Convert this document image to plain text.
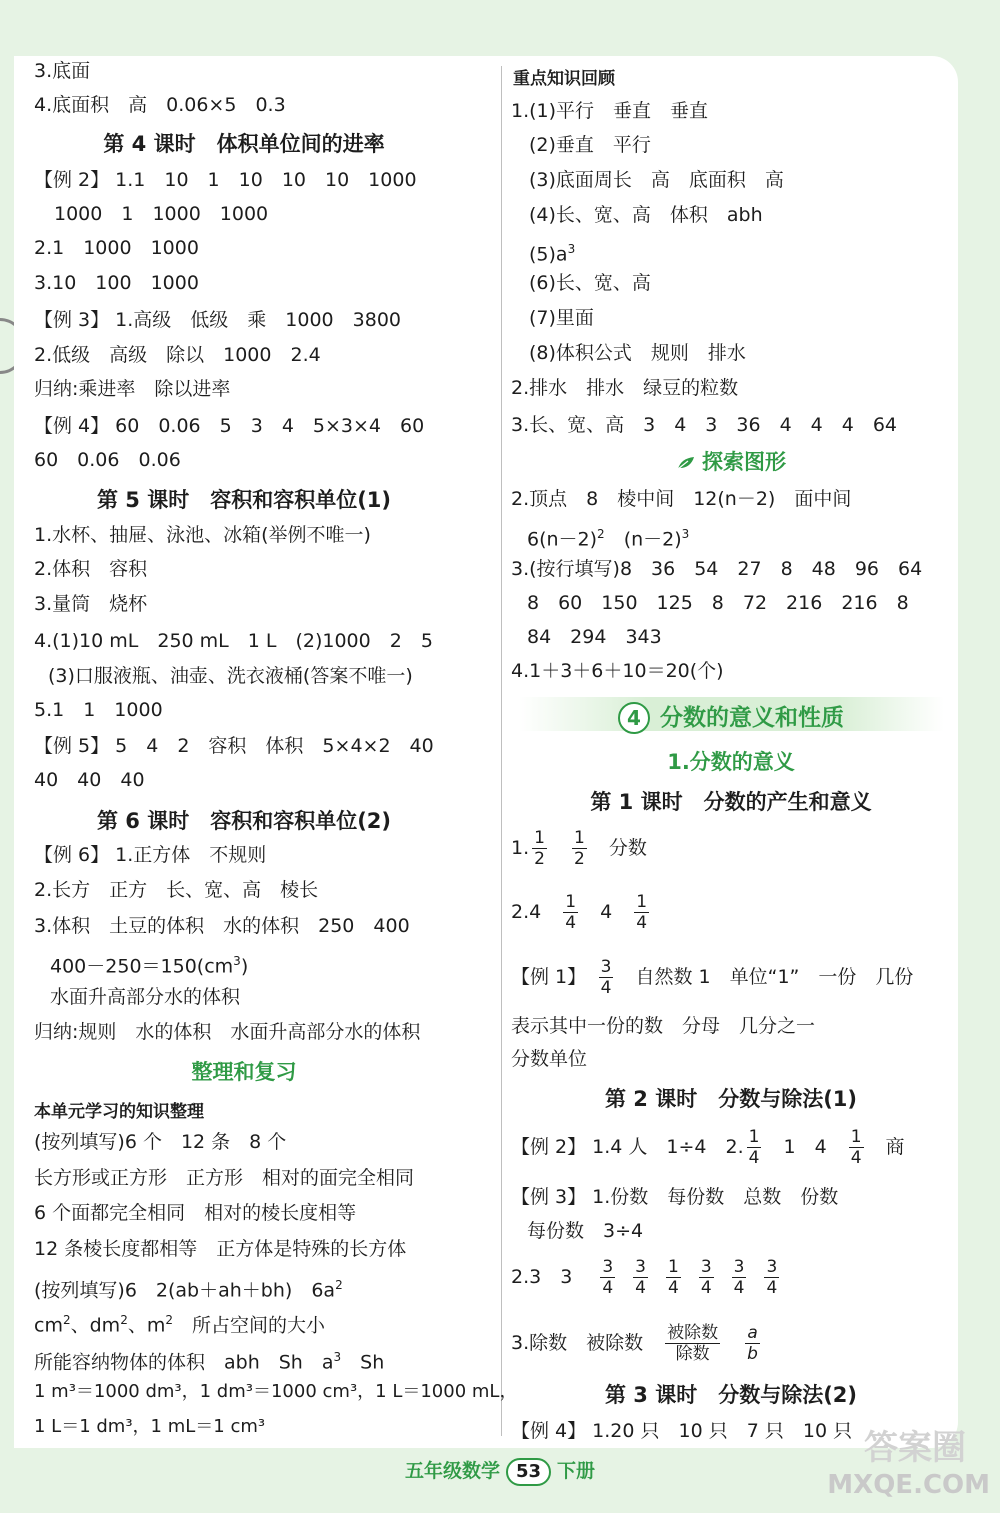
3.底面
4.底面积　高　0.06×5　0.3
第 4 课时　体积单位间的进率
【例 2】 1.1　10　1　10　10　10　1000
1000　1　1000　1000
2.1　1000　1000
3.10　100　1000
【例 3】 1.高级　低级　乘　1000　3800
2.低级　高级　除以　1000　2.4
归纳:乘进率　除以进率
【例 4】 60　0.06　5　3　4　5×3×4　60
60　0.06　0.06
第 5 课时　容积和容积单位(1)
1.水杯、抽屉、泳池、冰箱(举例不唯一)
2.体积　容积
3.量筒　烧杯
4.(1)10 mL　250 mL　1 L　(2)1000　2　5
(3)口服液瓶、油壶、洗衣液桶(答案不唯一)
5.1　1　1000
【例 5】 5　4　2　容积　体积　5×4×2　40
40　40　40
第 6 课时　容积和容积单位(2)
【例 6】 1.正方体　不规则
2.长方　正方　长、宽、高　棱长
3.体积　土豆的体积　水的体积　250　400
$400-250=150(cm^3)$
水面升高部分水的体积
归纳:规则　水的体积　水面升高部分水的体积
整理和复习
本单元学习的知识整理
(按列填写)6 个　12 条　8 个
长方形或正方形　正方形　相对的面完全相同
6 个面都完全相同　相对的棱长度相等
12 条棱长度都相等　正方体是特殊的长方体
(按列填写)6　2(ab＋ah＋bh)　$6a^2$
$cm^2$、$dm^2$、$m^2$　所占空间的大小
所能容纳物体的体积　abh　Sh　$a^3$　Sh
1 m³＝1000 dm³，1 dm³＝1000 cm³，1 L＝1000 mL，
1 L＝1 dm³，1 mL＝1 cm³
重点知识回顾
1.(1)平行　垂直　垂直
(2)垂直　平行
(3)底面周长　高　底面积　高
(4)长、宽、高　体积　abh
$(5)a^3$
(6)长、宽、高
(7)里面
(8)体积公式　规则　排水
2.排水　排水　绿豆的粒数
3.长、宽、高　3　4　3　36　4　4　4　64
探索图形
2.顶点　8　棱中间　12(n－2)　面中间
$6(n-2)^2$　$(n-2)^3$
3.(按行填写)8　36　54　27　8　48　96　64
8　60　150　125　8　72　216　216　8
84　294　343
4.1＋3＋6＋10＝20(个)
4 分数的意义和性质
1.分数的意义
第 1 课时　分数的产生和意义
1. $\frac{1}{2}$
　 $\frac{1}{2}$
　 分数
2.4　 $\frac{1}{4}$
　 4　 $\frac{1}{4}$
【例 1】　 $\frac{3}{4}$
　 自然数 1　单位“1”　一份　几份
表示其中一份的数　分母　几分之一
分数单位
第 2 课时　分数与除法(1)
【例 2】 1.4 人　1÷4　2. $\frac{1}{4}$
　 1　4　 $\frac{1}{4}$
　 商
【例 3】 1.份数　每份数　总数　份数
每份数　3÷4
2.3　3　 $\frac{3}{4} \frac{3}{4} \frac{1}{4} \frac{3}{4} \frac{3}{4} \frac{3}{4}$
3.除数　被除数　 $\frac{\text{被除数}}{\text{除数}}$
　 $\frac{a}{b}$
第 3 课时　分数与除法(2)
【例 4】 1.20 只　10 只　7 只　10 只
五年级数学 53 下册
答案圈
MXQE.COM
